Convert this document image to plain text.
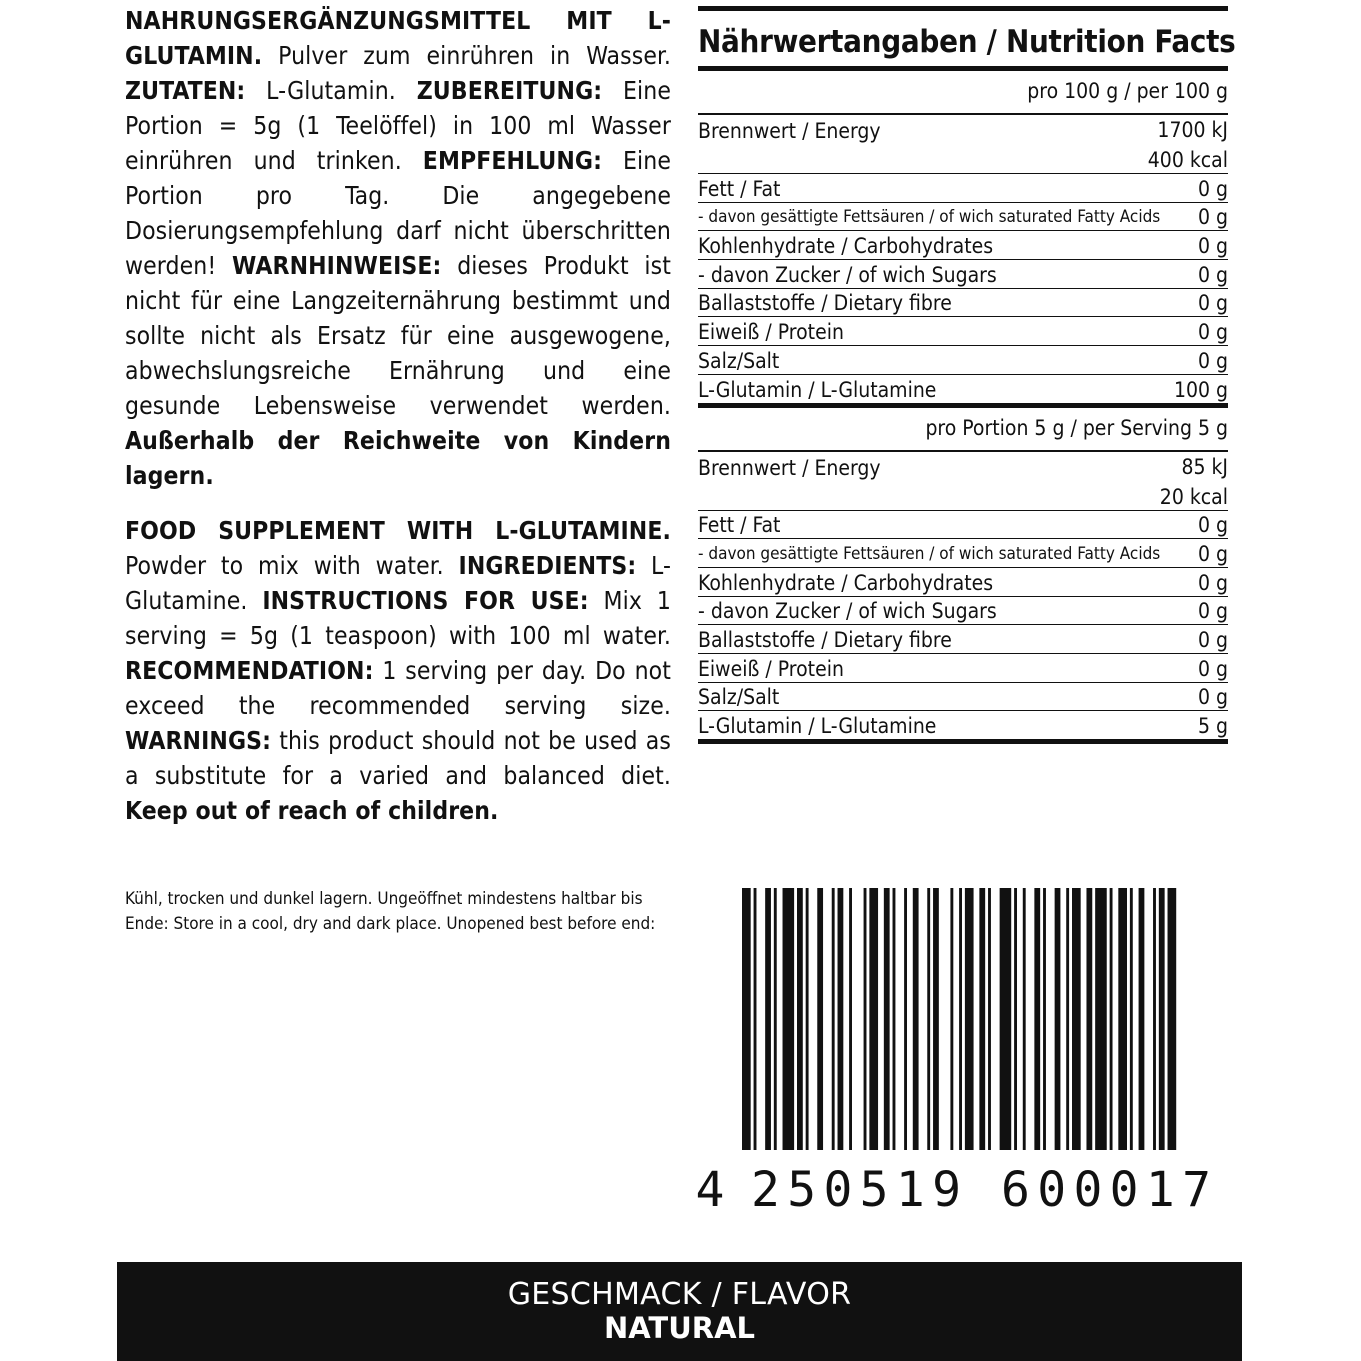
NAHRUNGSERGÄNZUNGSMITTEL MIT L-GLUTAMIN. Pulver zum einrühren in Wasser. ZUTATEN: L-Glutamin. ZUBEREITUNG: Eine Portion = 5g (1 Teelöffel) in 100 ml Wasser einrühren und trinken. EMPFEHLUNG: Eine Portion pro Tag. Die angegebene Dosierungsempfehlung darf nicht überschritten werden! WARNHINWEISE: dieses Produkt ist nicht für eine Langzeiternährung bestimmt und sollte nicht als Ersatz für eine ausgewogene, abwechslungsreiche Ernährung und eine gesunde Lebensweise verwendet werden. Außerhalb der Reichweite von Kindern lagern.

FOOD SUPPLEMENT WITH L-GLUTAMINE. Powder to mix with water. INGREDIENTS: L-Glutamine. INSTRUCTIONS FOR USE: Mix 1 serving = 5g (1 teaspoon) with 100 ml water. RECOMMENDATION: 1 serving per day. Do not exceed the recommended serving size. WARNINGS: this product should not be used as a substitute for a varied and balanced diet. Keep out of reach of children.

Nährwertangaben / Nutrition Facts
pro 100 g / per 100 g
Brennwert / Energy	1700 kJ
400 kcal
Fett / Fat	0 g
- davon gesättigte Fettsäuren / of wich saturated Fatty Acids 0 g
Kohlenhydrate / Carbohydrates	0 g
- davon Zucker / of wich Sugars	0 g
Ballaststoffe / Dietary fibre	0 g
Eiweiß / Protein	0 g
Salz/Salt	0 g
L-Glutamin / L-Glutamine	100 g
pro Portion 5 g / per Serving 5 g
Brennwert / Energy	85 kJ
20 kcal
Fett / Fat	0 g
- davon gesättigte Fettsäuren / of wich saturated Fatty Acids 0 g
Kohlenhydrate / Carbohydrates	0 g
- davon Zucker / of wich Sugars	0 g
Ballaststoffe / Dietary fibre	0 g
Eiweiß / Protein	0 g
Salz/Salt	0 g
L-Glutamin / L-Glutamine	5 g
Kühl, trocken und dunkel lagern. Ungeöffnet mindestens haltbar bis
Ende: Store in a cool, dry and dark place. Unopened best before end:
4 250519 600017
GESCHMACK / FLAVOR
NATURAL
